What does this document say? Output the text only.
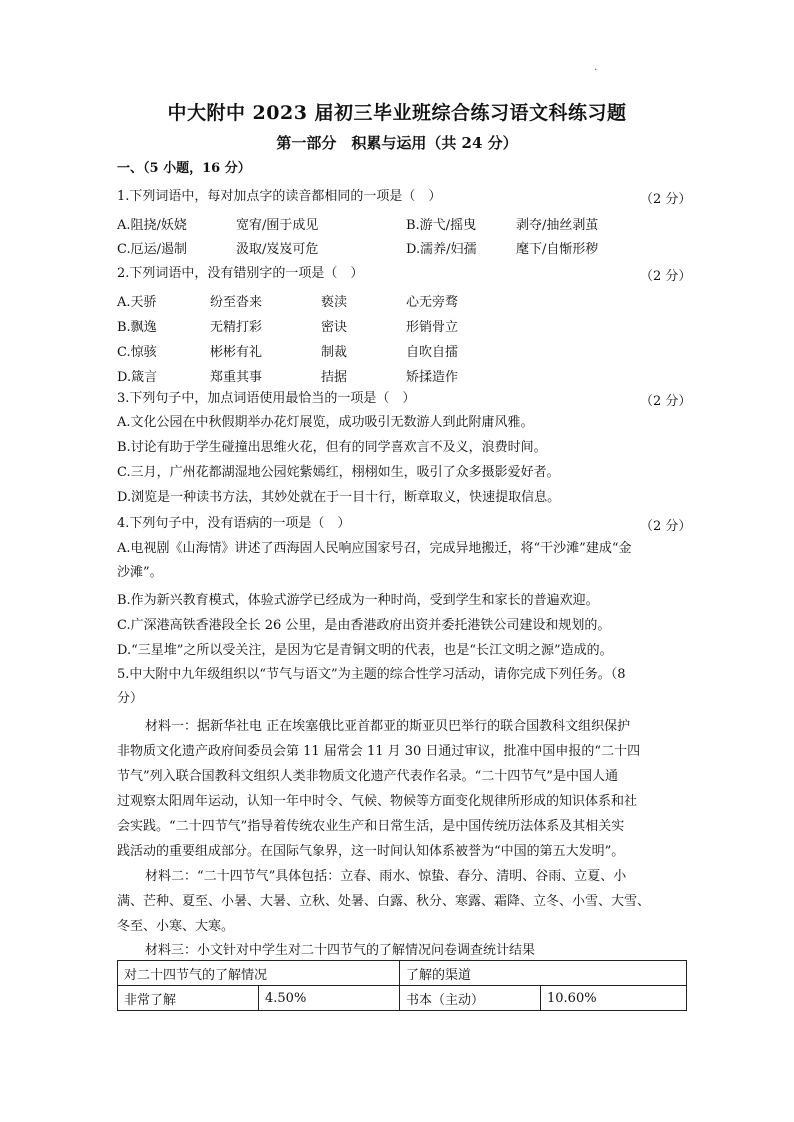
.
中大附中 2023 届初三毕业班综合练习语文科练习题
第一部分　积累与运用（共 24 分）
一、（5 小题，16 分）
1.下列词语中，每对加点字的读音都相同的一项是（　）	（2 分）
A.阻挠/妖娆	宽宥/囿于成见	B.游弋/摇曳	剥夺/抽丝剥茧
C.厄运/遏制	汲取/岌岌可危	D.濡养/妇孺	麾下/自惭形秽
2.下列词语中，没有错别字的一项是（　）	（2 分）
A.天骄	纷至沓来	亵渎	心无旁骛
B.飘逸	无精打彩	密诀	形销骨立
C.惊骇	彬彬有礼	制裁	自吹自擂
D.箴言	郑重其事	拮据	矫揉造作
3.下列句子中，加点词语使用最恰当的一项是（　）	（2 分）
A.文化公园在中秋假期举办花灯展览，成功吸引无数游人到此附庸风雅。
B.讨论有助于学生碰撞出思维火花，但有的同学喜欢言不及义，浪费时间。
C.三月，广州花都湖湿地公园姹紫嫣红，栩栩如生，吸引了众多摄影爱好者。
D.浏览是一种读书方法，其妙处就在于一目十行，断章取义，快速提取信息。
4.下列句子中，没有语病的一项是（　）	（2 分）
A.电视剧《山海情》讲述了西海固人民响应国家号召，完成异地搬迁，将“干沙滩”建成“金
沙滩”。
B.作为新兴教育模式，体验式游学已经成为一种时尚，受到学生和家长的普遍欢迎。
C.广深港高铁香港段全长 26 公里，是由香港政府出资并委托港铁公司建设和规划的。
D.“三星堆”之所以受关注，是因为它是青铜文明的代表，也是“长江文明之源”造成的。
5.中大附中九年级组织以“节气与语文”为主题的综合性学习活动，请你完成下列任务。（8
分）
材料一：据新华社电 正在埃塞俄比亚首都亚的斯亚贝巴举行的联合国教科文组织保护
非物质文化遗产政府间委员会第 11 届常会 11 月 30 日通过审议，批准中国申报的“二十四
节气”列入联合国教科文组织人类非物质文化遗产代表作名录。“二十四节气”是中国人通
过观察太阳周年运动，认知一年中时令、气候、物候等方面变化规律所形成的知识体系和社
会实践。“二十四节气”指导着传统农业生产和日常生活，是中国传统历法体系及其相关实
践活动的重要组成部分。在国际气象界，这一时间认知体系被誉为“中国的第五大发明”。
材料二：“二十四节气”具体包括：立春、雨水、惊蛰、春分、清明、谷雨、立夏、小
满、芒种、夏至、小暑、大暑、立秋、处暑、白露、秋分、寒露、霜降、立冬、小雪、大雪、
冬至、小寒、大寒。
材料三：小文针对中学生对二十四节气的了解情况问卷调查统计结果
对二十四节气的了解情况		了解的渠道	
非常了解	4.50%	书本（主动）	10.60%
